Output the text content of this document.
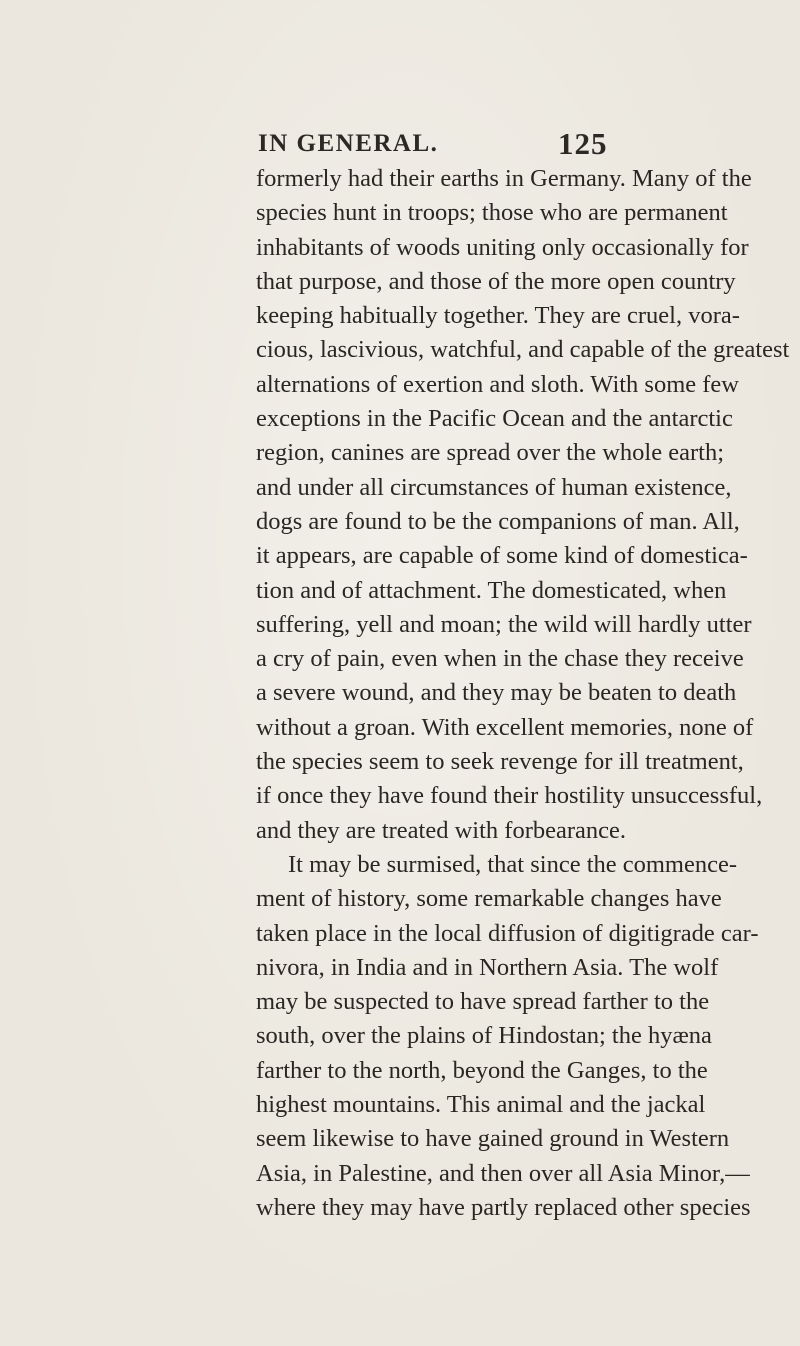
IN GENERAL.	125
formerly had their earths in Germany. Many of the
species hunt in troops; those who are permanent
inhabitants of woods uniting only occasionally for
that purpose, and those of the more open country
keeping habitually together. They are cruel, vora-
cious, lascivious, watchful, and capable of the greatest
alternations of exertion and sloth. With some few
exceptions in the Pacific Ocean and the antarctic
region, canines are spread over the whole earth;
and under all circumstances of human existence,
dogs are found to be the companions of man. All,
it appears, are capable of some kind of domestica-
tion and of attachment. The domesticated, when
suffering, yell and moan; the wild will hardly utter
a cry of pain, even when in the chase they receive
a severe wound, and they may be beaten to death
without a groan. With excellent memories, none of
the species seem to seek revenge for ill treatment,
if once they have found their hostility unsuccessful,
and they are treated with forbearance.
It may be surmised, that since the commence-
ment of history, some remarkable changes have
taken place in the local diffusion of digitigrade car-
nivora, in India and in Northern Asia. The wolf
may be suspected to have spread farther to the
south, over the plains of Hindostan; the hyæna
farther to the north, beyond the Ganges, to the
highest mountains. This animal and the jackal
seem likewise to have gained ground in Western
Asia, in Palestine, and then over all Asia Minor,—
where they may have partly replaced other species
